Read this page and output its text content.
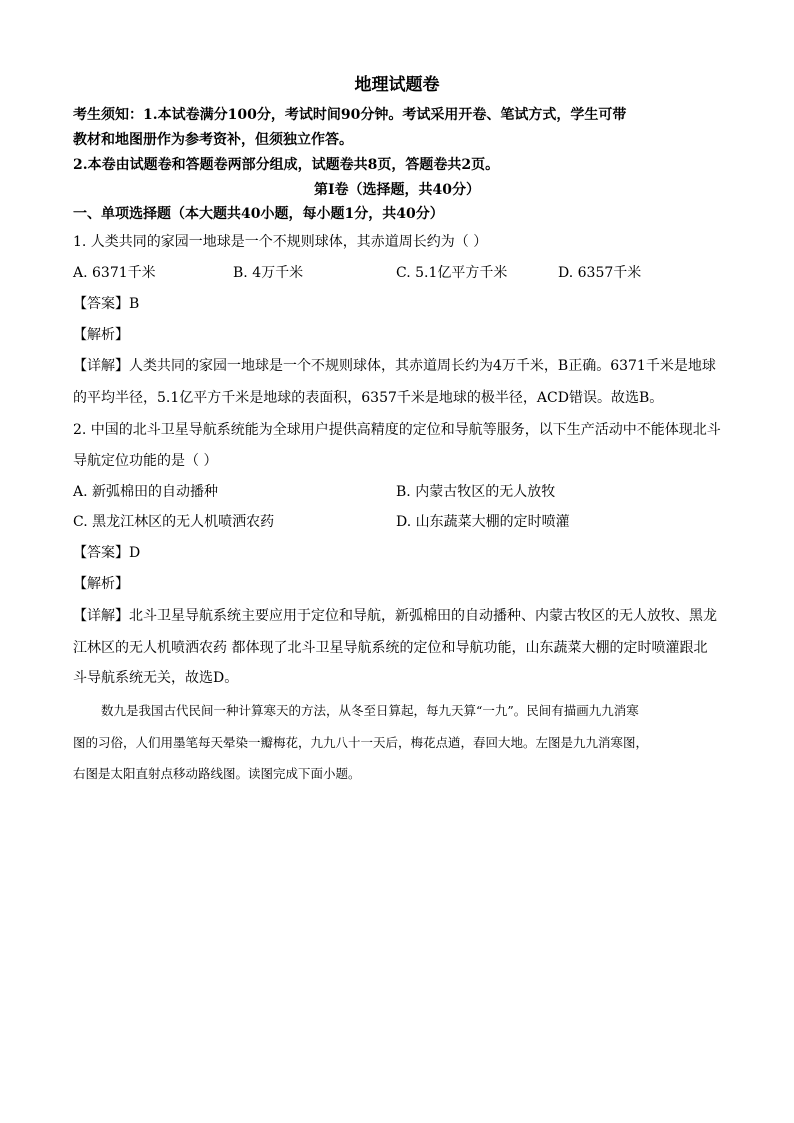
地理试题卷
考生须知：1.本试卷满分100分，考试时间90分钟。考试采用开卷、笔试方式，学生可带
教材和地图册作为参考资补，但须独立作答。
2.本卷由试题卷和答题卷两部分组成，试题卷共8页，答题卷共2页。
第Ⅰ卷（选择题，共40分）
一、单项选择题（本大题共40小题，每小题1分，共40分）
1. 人类共同的家园一地球是一个不规则球体，其赤道周长约为（ ）
A. 6371千米	B. 4万千米	C. 5.1亿平方千米	D. 6357千米
【答案】B
【解析】
【详解】人类共同的家园一地球是一个不规则球体，其赤道周长约为4万千米，B正确。6371千米是地球
的平均半径，5.1亿平方千米是地球的表面积，6357千米是地球的极半径，ACD错误。故选B。
2. 中国的北斗卫星导航系统能为全球用户提供高精度的定位和导航等服务，以下生产活动中不能体现北斗
导航定位功能的是（ ）
A. 新弧棉田的自动播种	B. 内蒙古牧区的无人放牧
C. 黑龙江林区的无人机喷洒农药	D. 山东蔬菜大棚的定时喷灌
【答案】D
【解析】
【详解】北斗卫星导航系统主要应用于定位和导航，新弧棉田的自动播种、内蒙古牧区的无人放牧、黑龙
江林区的无人机喷洒农药 都体现了北斗卫星导航系统的定位和导航功能，山东蔬菜大棚的定时喷灌跟北
斗导航系统无关，故选D。
数九是我国古代民间一种计算寒天的方法，从冬至日算起，每九天算“一九”。民间有描画九九消寒
图的习俗，人们用墨笔每天晕染一瓣梅花，九九八十一天后，梅花点遒，春回大地。左图是九九消寒图，
右图是太阳直射点移动路线图。读图完成下面小题。
